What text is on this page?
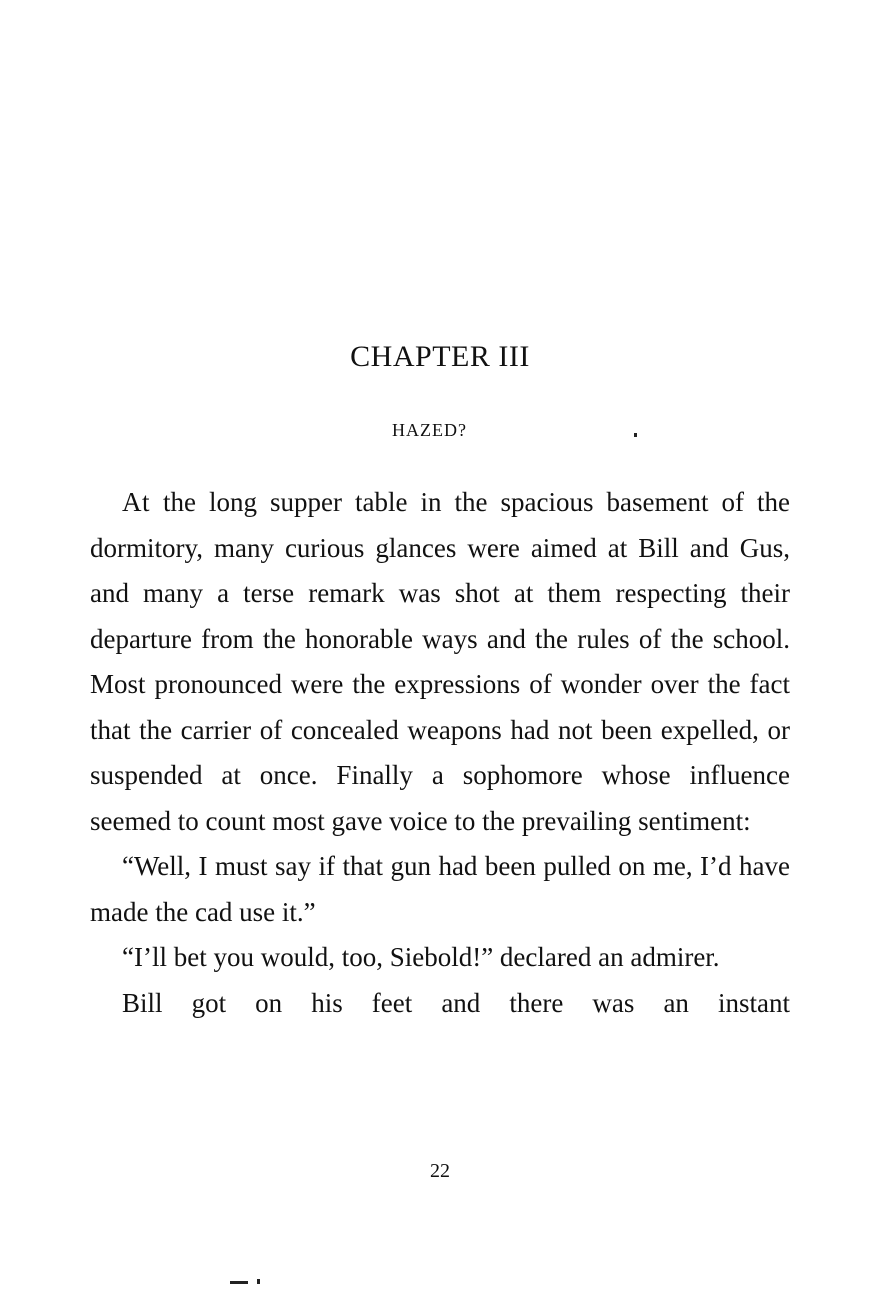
CHAPTER III
HAZED?

At the long supper table in the spacious basement of the dormitory, many curious glances were aimed at Bill and Gus, and many a terse remark was shot at them respecting their departure from the honorable ways and the rules of the school. Most pronounced were the expressions of wonder over the fact that the carrier of concealed weapons had not been expelled, or suspended at once. Finally a sophomore whose influence seemed to count most gave voice to the prevailing sentiment:

“Well, I must say if that gun had been pulled on me, I’d have made the cad use it.”

“I’ll bet you would, too, Siebold!” declared an admirer.

Bill got on his feet and there was an instant

22
